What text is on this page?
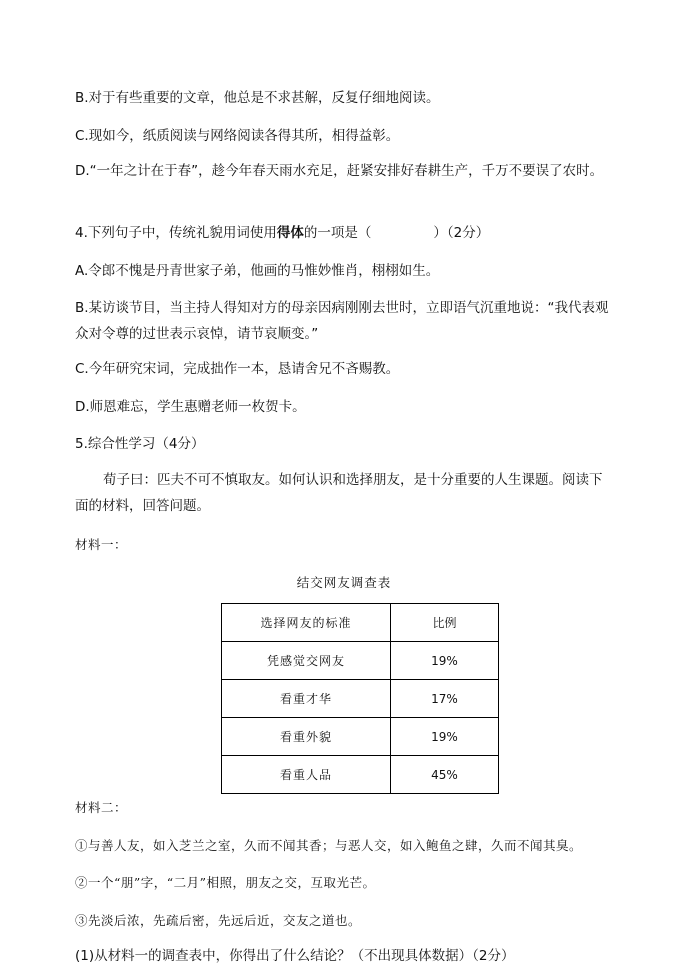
B.对于有些重要的文章，他总是不求甚解，反复仔细地阅读。
C.现如今，纸质阅读与网络阅读各得其所，相得益彰。
D.“一年之计在于春”，趁今年春天雨水充足，赶紧安排好春耕生产，千万不要误了农时。
4.下列句子中，传统礼貌用词使用得体的一项是（	）（2分）
A.令郎不愧是丹青世家子弟，他画的马惟妙惟肖，栩栩如生。
B.某访谈节目，当主持人得知对方的母亲因病刚刚去世时，立即语气沉重地说：“我代表观众对令尊的过世表示哀悼，请节哀顺变。”
C.今年研究宋词，完成拙作一本，恳请舍兄不吝赐教。
D.师恩难忘，学生惠赠老师一枚贺卡。
5.综合性学习（4分）
荀子曰：匹夫不可不慎取友。如何认识和选择朋友，是十分重要的人生课题。阅读下面的材料，回答问题。
材料一：
结交网友调查表
选择网友的标准	比例
凭感觉交网友	19%
看重才华	17%
看重外貌	19%
看重人品	45%
材料二：
①与善人友，如入芝兰之室，久而不闻其香；与恶人交，如入鲍鱼之肆，久而不闻其臭。
②一个“朋”字，“二月”相照，朋友之交，互取光芒。
③先淡后浓，先疏后密，先远后近，交友之道也。
(1)从材料一的调查表中，你得出了什么结论？（不出现具体数据）（2分）
